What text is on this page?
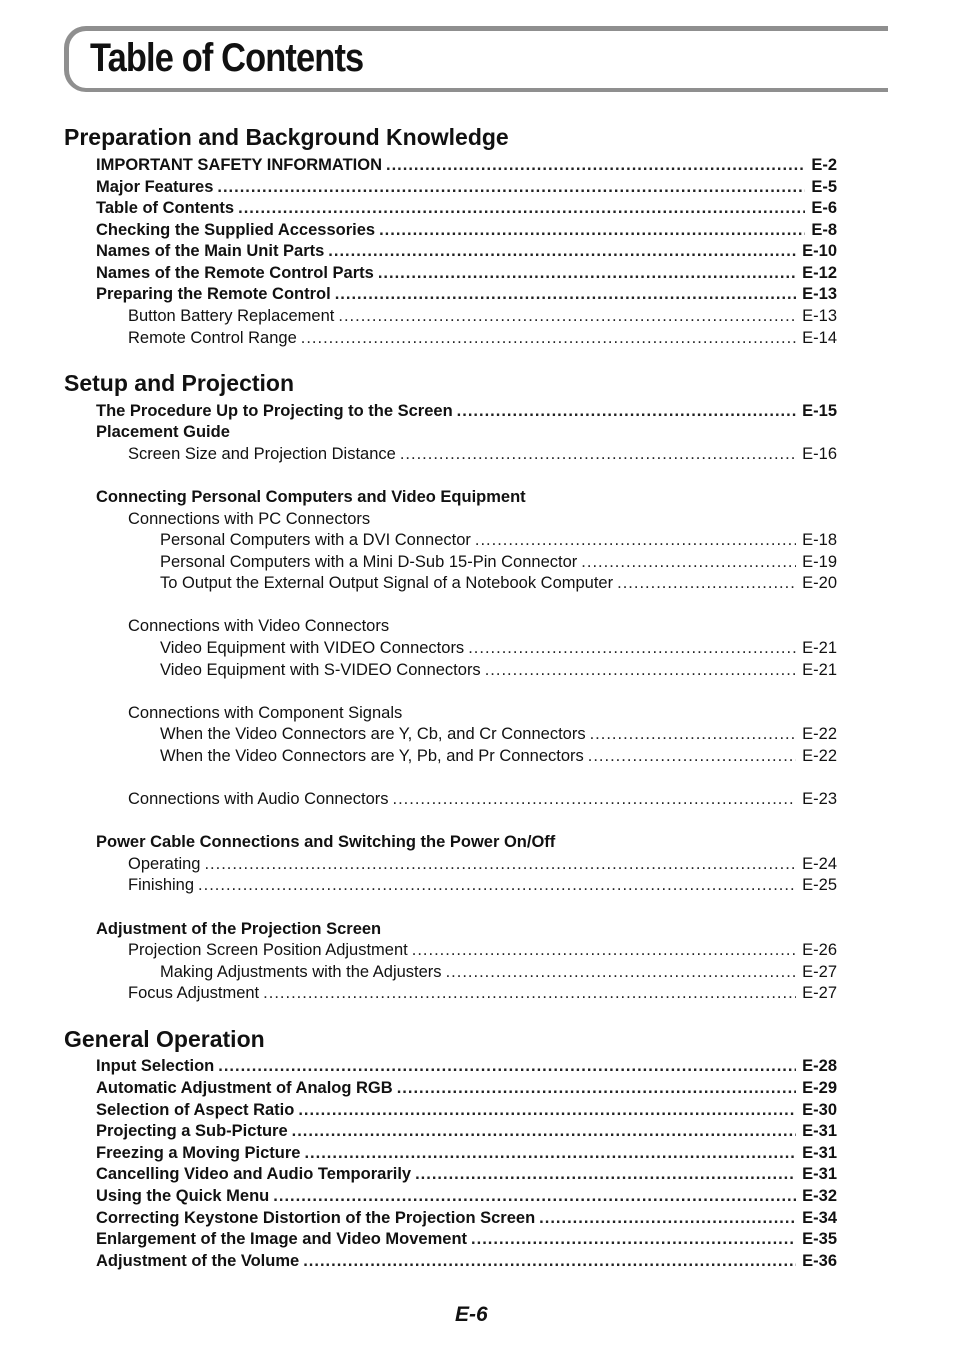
Table of Contents
Preparation and Background Knowledge
IMPORTANT SAFETY INFORMATION .....	E-2
Major Features .....	E-5
Table of Contents .....	E-6
Checking the Supplied Accessories .....	E-8
Names of the Main Unit Parts .....	E-10
Names of the Remote Control Parts .....	E-12
Preparing the Remote Control .....	E-13
Button Battery Replacement .....	E-13
Remote Control Range .....	E-14
Setup and Projection
The Procedure Up to Projecting to the Screen .....	E-15
Placement Guide
Screen Size and Projection Distance .....	E-16
Connecting Personal Computers and Video Equipment
Connections with PC Connectors
Personal Computers with a DVI Connector .....	E-18
Personal Computers with a Mini D-Sub 15-Pin Connector .....	E-19
To Output the External Output Signal of a Notebook Computer .....	E-20
Connections with Video Connectors
Video Equipment with VIDEO Connectors .....	E-21
Video Equipment with S-VIDEO Connectors .....	E-21
Connections with Component Signals
When the Video Connectors are Y, Cb, and Cr Connectors .....	E-22
When the Video Connectors are Y, Pb, and Pr Connectors .....	E-22
Connections with Audio Connectors .....	E-23
Power Cable Connections and Switching the Power On/Off
Operating .....	E-24
Finishing .....	E-25
Adjustment of the Projection Screen
Projection Screen Position Adjustment .....	E-26
Making Adjustments with the Adjusters .....	E-27
Focus Adjustment .....	E-27
General Operation
Input Selection .....	E-28
Automatic Adjustment of Analog RGB .....	E-29
Selection of Aspect Ratio .....	E-30
Projecting a Sub-Picture .....	E-31
Freezing a Moving Picture .....	E-31
Cancelling Video and Audio Temporarily .....	E-31
Using the Quick Menu .....	E-32
Correcting Keystone Distortion of the Projection Screen .....	E-34
Enlargement of the Image and Video Movement .....	E-35
Adjustment of the Volume .....	E-36
E-6
